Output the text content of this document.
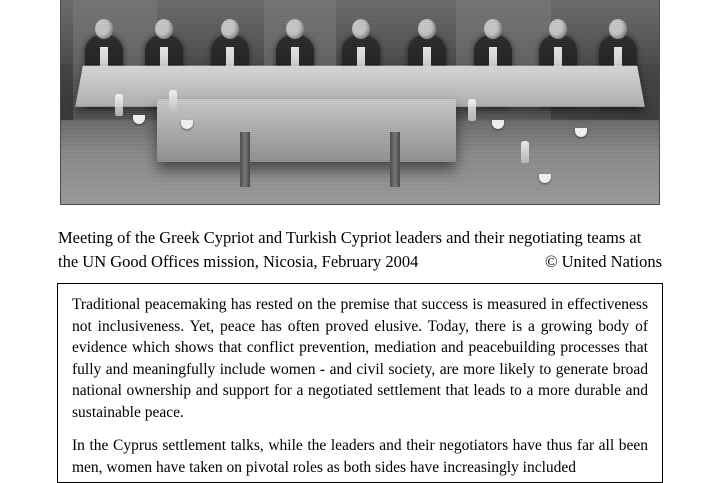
Meeting of the Greek Cypriot and Turkish Cypriot leaders and their negotiating teams at
© United Nations
the UN Good Offices mission, Nicosia, February 2004

Traditional peacemaking has rested on the premise that success is measured in effectiveness not inclusiveness. Yet, peace has often proved elusive. Today, there is a growing body of evidence which shows that conflict prevention, mediation and peacebuilding processes that fully and meaningfully include women - and civil society, are more likely to generate broad national ownership and support for a negotiated settlement that leads to a more durable and sustainable peace.

In the Cyprus settlement talks, while the leaders and their negotiators have thus far all been men, women have taken on pivotal roles as both sides have increasingly included
